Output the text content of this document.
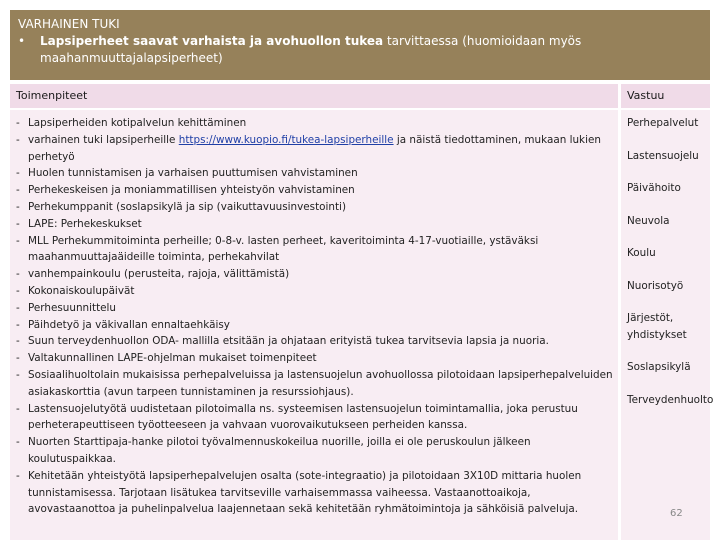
VARHAINEN TUKI
•	Lapsiperheet saavat varhaista ja avohuollon tukea tarvittaessa (huomioidaan myös maahanmuuttajalapsiperheet)
Toimenpiteet	Vastuu
- Lapsiperheiden kotipalvelun kehittäminen
- varhainen tuki lapsiperheille https://www.kuopio.fi/tukea-lapsiperheille ja näistä tiedottaminen, mukaan lukien perhetyö
- Huolen tunnistamisen ja varhaisen puuttumisen vahvistaminen
- Perhekeskeisen ja moniammatillisen yhteistyön vahvistaminen
- Perhekumppanit (soslapsikylä ja sip (vaikuttavuusinvestointi)
- LAPE: Perhekeskukset
- MLL Perhekummitoiminta perheille; 0-8-v. lasten perheet, kaveritoiminta 4-17-vuotiaille, ystäväksi maahanmuuttajaäideille toiminta, perhekahvilat
- vanhempainkoulu (perusteita, rajoja, välittämistä)
- Kokonaiskoulupäivät
- Perhesuunnittelu
- Päihdetyö ja väkivallan ennaltaehkäisy
- Suun terveydenhuollon ODA- mallilla etsitään ja ohjataan erityistä tukea tarvitsevia lapsia ja nuoria.
- Valtakunnallinen LAPE-ohjelman mukaiset toimenpiteet
- Sosiaalihuoltolain mukaisissa perhepalveluissa ja lastensuojelun avohuollossa pilotoidaan lapsiperhepalveluiden asiakaskorttia (avun tarpeen tunnistaminen ja resurssiohjaus).
- Lastensuojelutyötä uudistetaan pilotoimalla ns. systeemisen lastensuojelun toimintamallia, joka perustuu perheterapeuttiseen työotteeseen ja vahvaan vuorovaikutukseen perheiden kanssa.
- Nuorten Starttipaja-hanke pilotoi työvalmennuskokeilua nuorille, joilla ei ole peruskoulun jälkeen koulutuspaikkaa.
- Kehitetään yhteistyötä lapsiperhepalvelujen osalta (sote-integraatio) ja pilotoidaan 3X10D mittaria huolen tunnistamisessa. Tarjotaan lisätukea tarvitseville varhaisemmassa vaiheessa. Vastaanottoaikoja, avovastaanottoa ja puhelinpalvelua laajennetaan sekä kehitetään ryhmätoimintoja ja sähköisiä palveluja.
Perhepalvelut
Lastensuojelu
Päivähoito
Neuvola
Koulu
Nuorisotyö
Järjestöt, yhdistykset
Soslapsikylä
Terveydenhuolto
62
